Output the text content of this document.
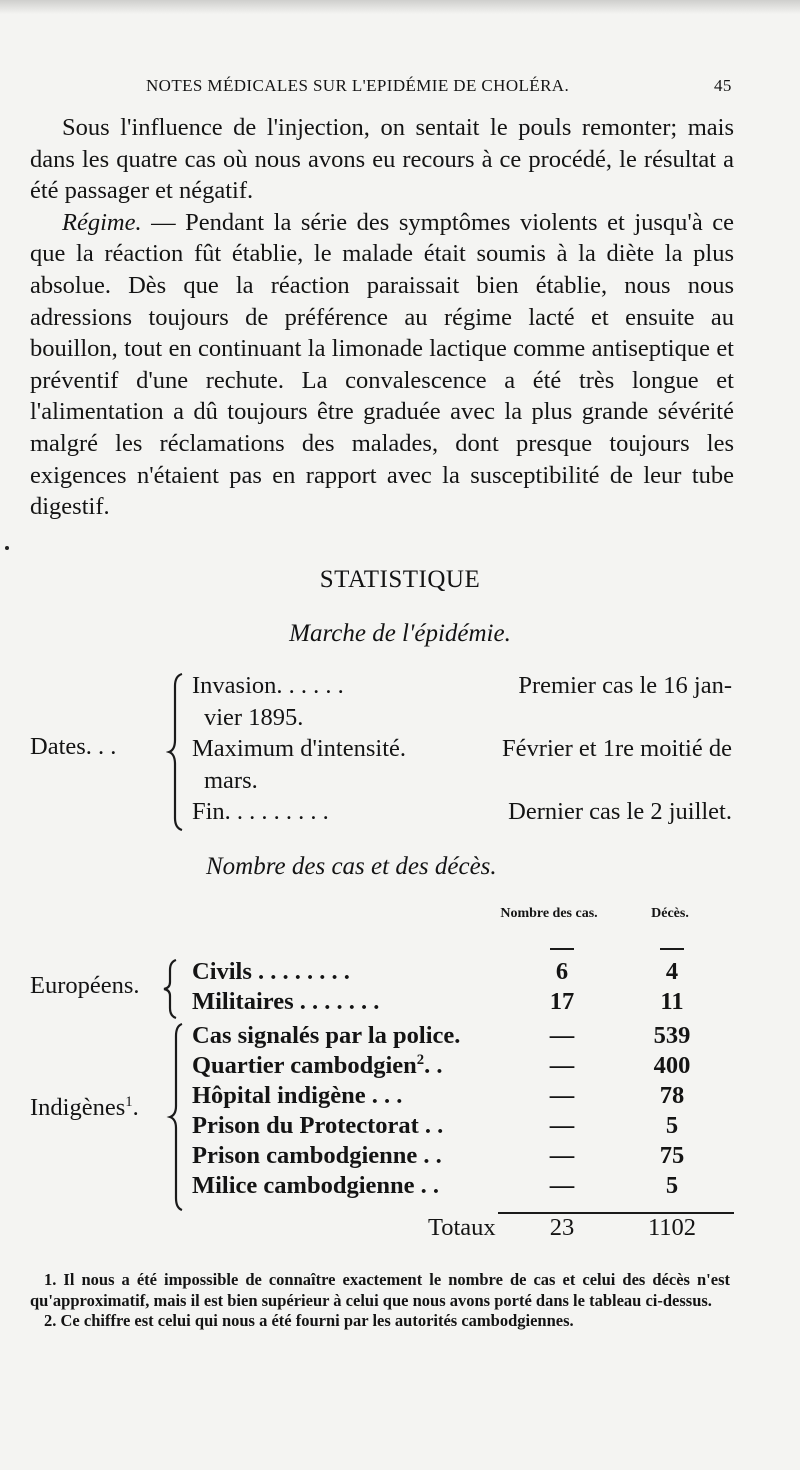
NOTES MÉDICALES SUR L'EPIDÉMIE DE CHOLÉRA.	45

Sous l'influence de l'injection, on sentait le pouls remonter; mais dans les quatre cas où nous avons eu recours à ce procédé, le résultat a été passager et négatif.

Régime. — Pendant la série des symptômes violents et jusqu'à ce que la réaction fût établie, le malade était soumis à la diète la plus absolue. Dès que la réaction paraissait bien établie, nous nous adressions toujours de préférence au régime lacté et ensuite au bouillon, tout en continuant la limonade lactique comme antiseptique et préventif d'une rechute. La convalescence a été très longue et l'alimentation a dû toujours être graduée avec la plus grande sévérité malgré les réclamations des malades, dont presque toujours les exigences n'étaient pas en rapport avec la susceptibilité de leur tube digestif.

STATISTIQUE
Marche de l'épidémie.
Dates. . .
Invasion. . . . . .	Premier cas le 16 jan-
vier 1895.
Maximum d'intensité.	Février et 1re moitié de
mars.
Fin. . . . . . . . .	Dernier cas le 2 juillet.
Nombre des cas et des décès.
Nombre des cas.	Décès.
Européens.
Indigènes$^1$.
Civils . . . . . . . .	6	4
Militaires . . . . . . .	17	11
Cas signalés par la police.	—	539
Quartier cambodgien$^2$. .	—	400
Hôpital indigène . . .	—	78
Prison du Protectorat . .	—	5
Prison cambodgienne . .	—	75
Milice cambodgienne . .	—	5
Totaux	23	1102

1. Il nous a été impossible de connaître exactement le nombre de cas et celui des décès n'est qu'approximatif, mais il est bien supérieur à celui que nous avons porté dans le tableau ci-dessus.

2. Ce chiffre est celui qui nous a été fourni par les autorités cambodgiennes.
